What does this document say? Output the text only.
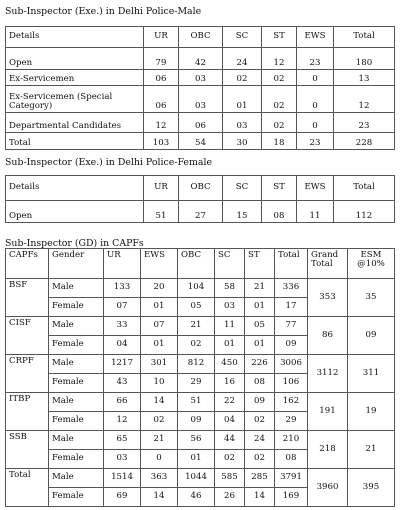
Sub-Inspector (Exe.) in Delhi Police-Male
Details	UR	OBC	SC	ST	EWS	Total
Open	79	42	24	12	23	180
Ex-Servicemen	06	03	02	02	0	13
Ex-Servicemen (Special Category)	06	03	01	02	0	12
Departmental Candidates	12	06	03	02	0	23
Total	103	54	30	18	23	228
Sub-Inspector (Exe.) in Delhi Police-Female
Details	UR	OBC	SC	ST	EWS	Total
Open	51	27	15	08	11	112
Sub-Inspector (GD) in CAPFs
CAPFs	Gender	UR	EWS	OBC	SC	ST	Total	Grand Total	ESM @10%
BSF	Male	133	20	104	58	21	336	353	35
	Female	07	01	05	03	01	17		
CISF	Male	33	07	21	11	05	77	86	09
	Female	04	01	02	01	01	09		
CRPF	Male	1217	301	812	450	226	3006	3112	311
	Female	43	10	29	16	08	106		
ITBP	Male	66	14	51	22	09	162	191	19
	Female	12	02	09	04	02	29		
SSB	Male	65	21	56	44	24	210	218	21
	Female	03	0	01	02	02	08		
Total	Male	1514	363	1044	585	285	3791	3960	395
	Female	69	14	46	26	14	169		
